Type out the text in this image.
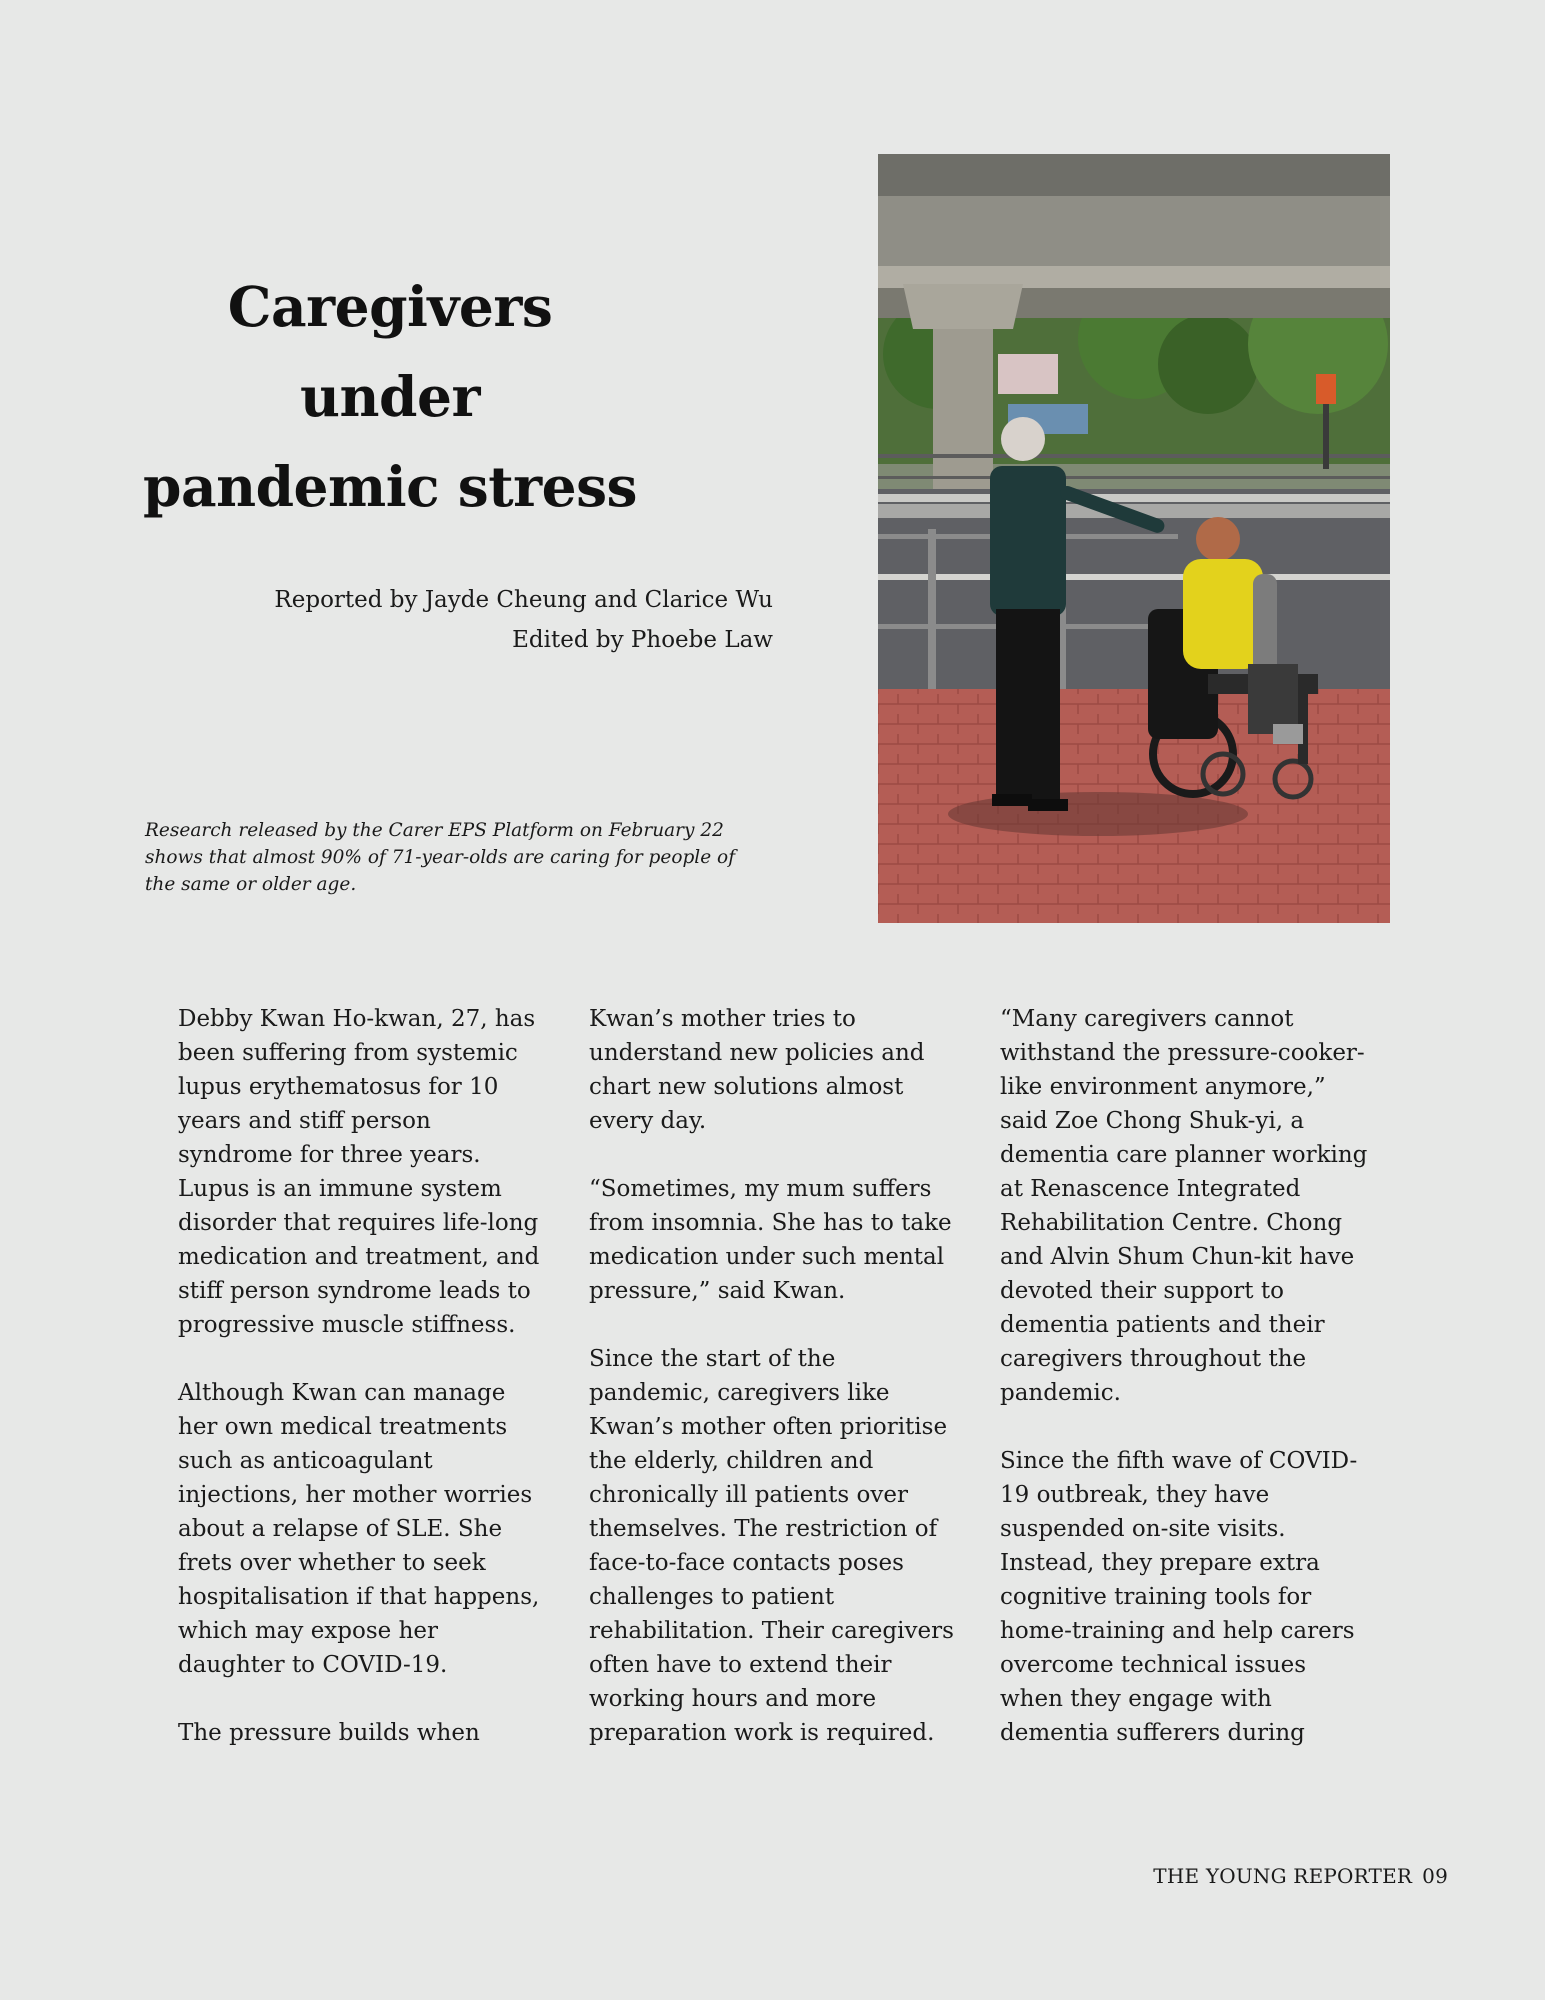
Caregivers
under
pandemic stress
Reported by Jayde Cheung and Clarice Wu
Edited by Phoebe Law
Research released by the Carer EPS Platform on February 22 shows that almost 90% of 71-year-olds are caring for people of the same or older age.

Debby Kwan Ho-kwan, 27, has been suffering from systemic lupus erythematosus for 10 years and stiff person syndrome for three years. Lupus is an immune system disorder that requires life-long medication and treatment, and stiff person syndrome leads to progressive muscle stiffness.

Although Kwan can manage her own medical treatments such as anticoagulant injections, her mother worries about a relapse of SLE. She frets over whether to seek hospitalisation if that happens, which may expose her daughter to COVID-19.

The pressure builds when

Kwan’s mother tries to understand new policies and chart new solutions almost every day.

“Sometimes, my mum suffers from insomnia. She has to take medication under such mental pressure,” said Kwan.

Since the start of the pandemic, caregivers like Kwan’s mother often prioritise the elderly, children and chronically ill patients over themselves. The restriction of face-to-face contacts poses challenges to patient rehabilitation. Their caregivers often have to extend their working hours and more preparation work is required.

“Many caregivers cannot withstand the pressure-cooker-like environment anymore,” said Zoe Chong Shuk-yi, a dementia care planner working at Renascence Integrated Rehabilitation Centre. Chong and Alvin Shum Chun-kit have devoted their support to dementia patients and their caregivers throughout the pandemic.

Since the fifth wave of COVID-19 outbreak, they have suspended on-site visits. Instead, they prepare extra cognitive training tools for home-training and help carers overcome technical issues when they engage with dementia sufferers during

THE YOUNG REPORTER 09
